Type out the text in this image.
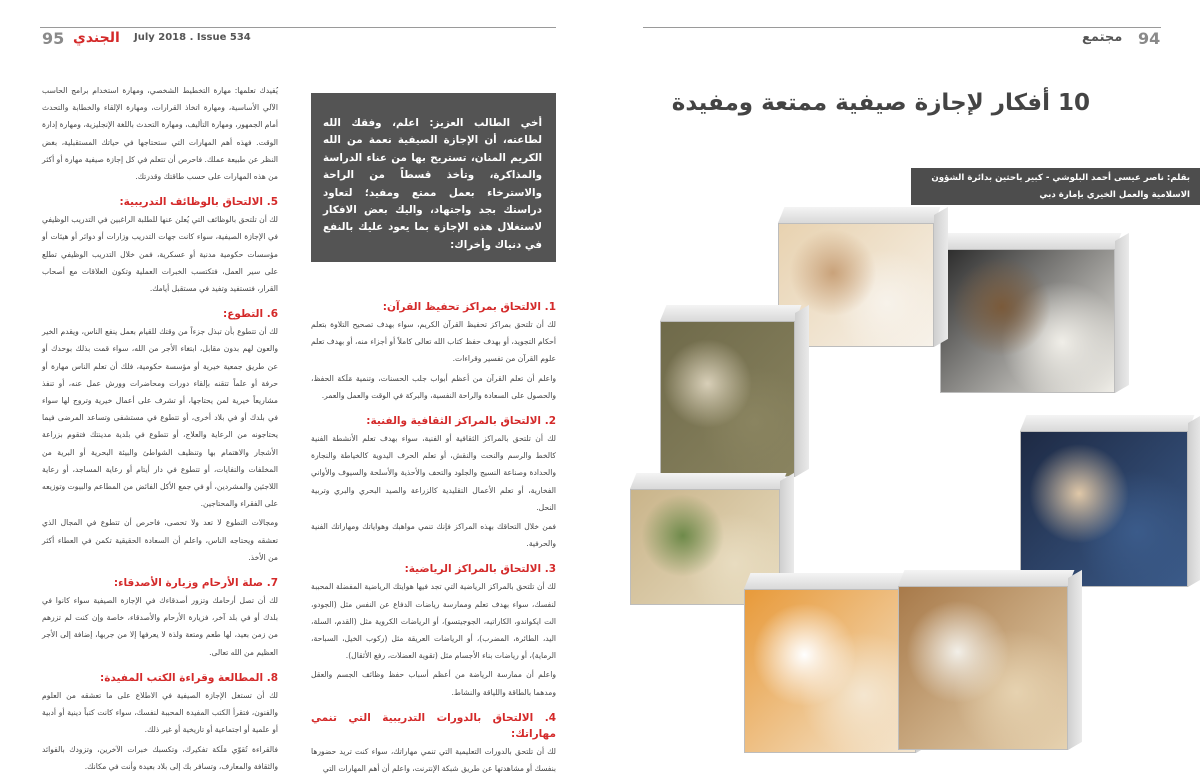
95 الجندي July 2018 . Issue 534	مجتمع 94

يُفيدك تعلمها: مهارة التخطيط الشخصي، ومهارة استخدام برامج الحاسب الآلي الأساسية، ومهارة اتخاذ القرارات، ومهارة الإلقاء والخطابة والتحدث أمام الجمهور، ومهارة التأليف، ومهارة التحدث باللغة الإنجليزية، ومهارة إدارة الوقت. فهذه أهم المهارات التي ستحتاجها في حياتك المستقبلية، بغض النظر عن طبيعة عملك. فاحرص أن تتعلم في كل إجازة صيفية مهارة أو أكثر من هذه المهارات على حسب طاقتك وقدرتك.

5. الالتحاق بالوظائف التدريبية:

لك أن تلتحق بالوظائف التي يُعلن عنها للطلبة الراغبين في التدريب الوظيفي في الإجازة الصيفية، سواء كانت جهات التدريب وزارات أو دوائر أو هيئات أو مؤسسات حكومية مدنية أو عسكرية، فمن خلال التدريب الوظيفي تطلع على سير العمل، فتكتسب الخبرات العملية وتكون العلاقات مع أصحاب القرار، فتستفيد وتفيد في مستقبل أيامك.

6. التطوع:

لك أن تتطوع بأن تبذل جزءاً من وقتك للقيام بعمل ينفع الناس، ويقدم الخير والعون لهم بدون مقابل، ابتغاء الأجر من الله، سواء قمت بذلك بوحدك أو عن طريق جمعية خيرية أو مؤسسة حكومية، فلك أن تعلم الناس مهارة أو حرفة أو علماً تتقنه بإلقاء دورات ومحاضرات وورش عمل عنه، أو تنفذ مشاريعاً خيرية لمن يحتاجها، أو تشرف على أعمال خيرية وتروج لها سواء في بلدك أو في بلاد أخرى، أو تتطوع في مستشفى وتساعد المرضى فيما يحتاجونه من الرعاية والعلاج، أو تتطوع في بلدية مدينتك فتقوم بزراعة الأشجار والاهتمام بها وتنظيف الشواطئ والبيئة البحرية أو البرية من المخلفات والنفايات، أو تتطوع في دار أيتام أو رعاية المساجد، أو رعاية اللاجئين والمشردين، أو في جمع الأكل الفائض من المطاعم والبيوت وتوزيعه على الفقراء والمحتاجين.

ومجالات التطوع لا تعد ولا تحصى، فاحرص أن تتطوع في المجال الذي تعشقه ويحتاجه الناس، واعلم أن السعادة الحقيقية تكمن في العطاء أكثر من الأخذ.

7. صلة الأرحام وزيارة الأصدقاء:

لك أن تصل أرحامك وتزور أصدقاءك في الإجازة الصيفية سواء كانوا في بلدك أو في بلد آخر، فزيارة الأرحام والأصدقاء، خاصة وإن كنت لم تزرهم من زمن بعيد، لها طعم ومتعة ولذة لا يعرفها إلا من جربها، إضافة إلى الأجر العظيم من الله تعالى.

8. المطالعة وقراءة الكتب المفيدة:

لك أن تستغل الإجازة الصيفية في الاطلاع على ما تعشقه من العلوم والفنون، فتقرأ الكتب المفيدة المحببة لنفسك، سواء كانت كتباً دينية أو أدبية أو علمية أو اجتماعية أو تاريخية أو غير ذلك.

فالقراءة تُقوّي مَلَكة تفكيرك، وتكسبك خبرات الآخرين، وتزودك بالفوائد والثقافة والمعارف، وتسافر بك إلى بلاد بعيدة وأنت في مكانك.

أخي الطالب العزيز: اعلم، وفقك الله لطاعته، أن الإجازة الصيفية نعمة من الله الكريم المنان، تستريح بها من عناء الدراسة والمذاكرة، وتأخذ قسطاً من الراحة والاسترخاء بعمل ممتع ومفيد؛ لتعاود دراستك بجد واجتهاد، واليك بعض الافكار لاستغلال هذه الإجازة بما يعود عليك بالنفع في دنياك وأخراك:
1. الالتحاق بمراكز تحفيظ القرآن:

لك أن تلتحق بمراكز تحفيظ القرآن الكريم، سواء بهدف تصحيح التلاوة بتعلم أحكام التجويد، أو بهدف حفظ كتاب الله تعالى كاملاً أو أجزاء منه، أو بهدف تعلم علوم القرآن من تفسير وقراءات.

واعلم أن تعلم القرآن من أعظم أبواب جلب الحسنات، وتنمية مَلَكة الحفظ، والحصول على السعادة والراحة النفسية، والبركة في الوقت والعمل والعمر.

2. الالتحاق بالمراكز الثقافية والفنية:

لك أن تلتحق بالمراكز الثقافية أو الفنية، سواء بهدف تعلم الأنشطة الفنية كالخط والرسم والنحت والنقش، أو تعلم الحرف اليدوية كالخياطة والنجارة والحدادة وصناعة النسيج والجلود والتحف والأحذية والأسلحة والسيوف والأواني الفخارية، أو تعلم الأعمال التقليدية كالزراعة والصيد البحري والبري وتربية النحل.

فمن خلال التحاقك بهذه المراكز فإنك تنمي مواهبك وهواياتك ومهاراتك الفنية والحرفية.

3. الالتحاق بالمراكز الرياضية:

لك أن تلتحق بالمراكز الرياضية التي تجد فيها هوايتك الرياضية المفضلة المحببة لنفسك، سواء بهدف تعلم وممارسة رياضات الدفاع عن النفس مثل (الجودو، الت ايكواندو، الكاراتيه، الجوجيتسو)، أو الرياضات الكروية مثل (القدم، السلة، اليد، الطائرة، المضرب)، أو الرياضات العريقة مثل (ركوب الخيل، السباحة، الرماية)، أو رياضات بناء الأجسام مثل (تقوية العضلات، رفع الأثقال).

واعلم أن ممارسة الرياضة من أعظم أسباب حفظ وظائف الجسم والعقل ومدهما بالطاقة واللياقة والنشاط.

4. الالتحاق بالدورات التدريبية التي تنمي مهاراتك:

لك أن تلتحق بالدورات التعليمية التي تنمي مهاراتك، سواء كنت تريد حضورها بنفسك أو مشاهدتها عن طريق شبكة الإنترنت، واعلم أن أهم المهارات التي

10 أفكار لإجازة صيفية ممتعة ومفيدة
بقلم: ناصر عيسى أحمد البلوشي - كبير باحثين بدائرة الشؤون الاسلامية والعمل الخيري بإمارة دبي
